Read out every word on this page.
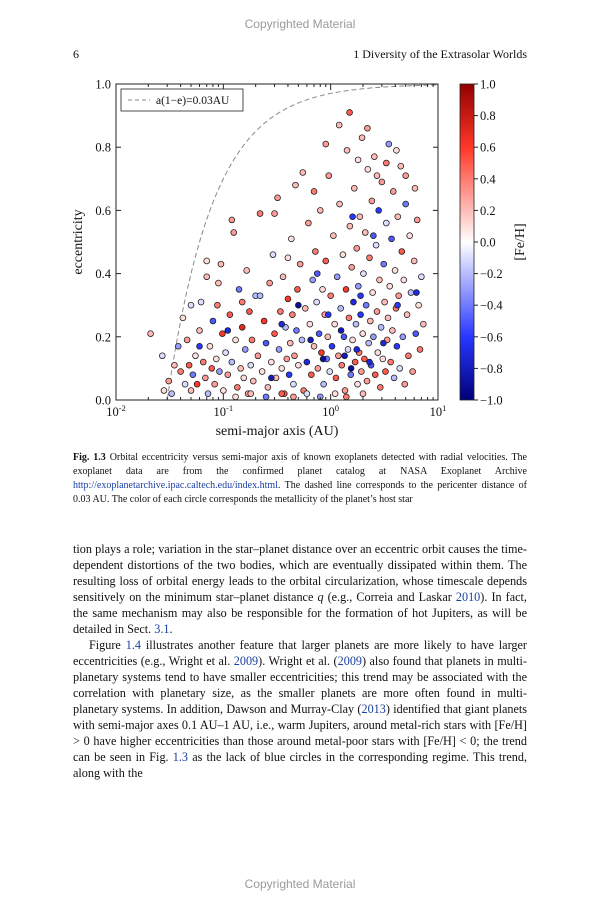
Copyrighted Material
6	1 Diversity of the Extrasolar Worlds
0.0
0.2
0.4
0.6
0.8
1.0
$10^{-2}$	$10^{-1}$	$10^0$	$10^1$
semi-major axis (AU)
eccentricity
a(1−e)=0.03AU
1.0
0.8
0.6
0.4
0.2
0.0
−0.2
−0.4
−0.6
−0.8
−1.0
[Fe/H]
Fig. 1.3 Orbital eccentricity versus semi-major axis of known exoplanets detected with radial velocities. The exoplanet data are from the confirmed planet catalog at NASA Exoplanet Archive http://exoplanetarchive.ipac.caltech.edu/index.html. The dashed line corresponds to the pericenter distance of 0.03 AU. The color of each circle corresponds the metallicity of the planet’s host star
tion plays a role; variation in the star–planet distance over an eccentric orbit causes the time-dependent distortions of the two bodies, which are eventually dissipated within them. The resulting loss of orbital energy leads to the orbital circularization, whose timescale depends sensitively on the minimum star–planet distance q (e.g., Correia and Laskar 2010). In fact, the same mechanism may also be responsible for the formation of hot Jupiters, as will be detailed in Sect. 3.1.
Figure 1.4 illustrates another feature that larger planets are more likely to have larger eccentricities (e.g., Wright et al. 2009). Wright et al. (2009) also found that planets in multi-planetary systems tend to have smaller eccentricities; this trend may be associated with the correlation with planetary size, as the smaller planets are more often found in multi-planetary systems. In addition, Dawson and Murray-Clay (2013) identified that giant planets with semi-major axes 0.1 AU–1 AU, i.e., warm Jupiters, around metal-rich stars with [Fe/H] > 0 have higher eccentricities than those around metal-poor stars with [Fe/H] < 0; the trend can be seen in Fig. 1.3 as the lack of blue circles in the corresponding regime. This trend, along with the
Copyrighted Material
